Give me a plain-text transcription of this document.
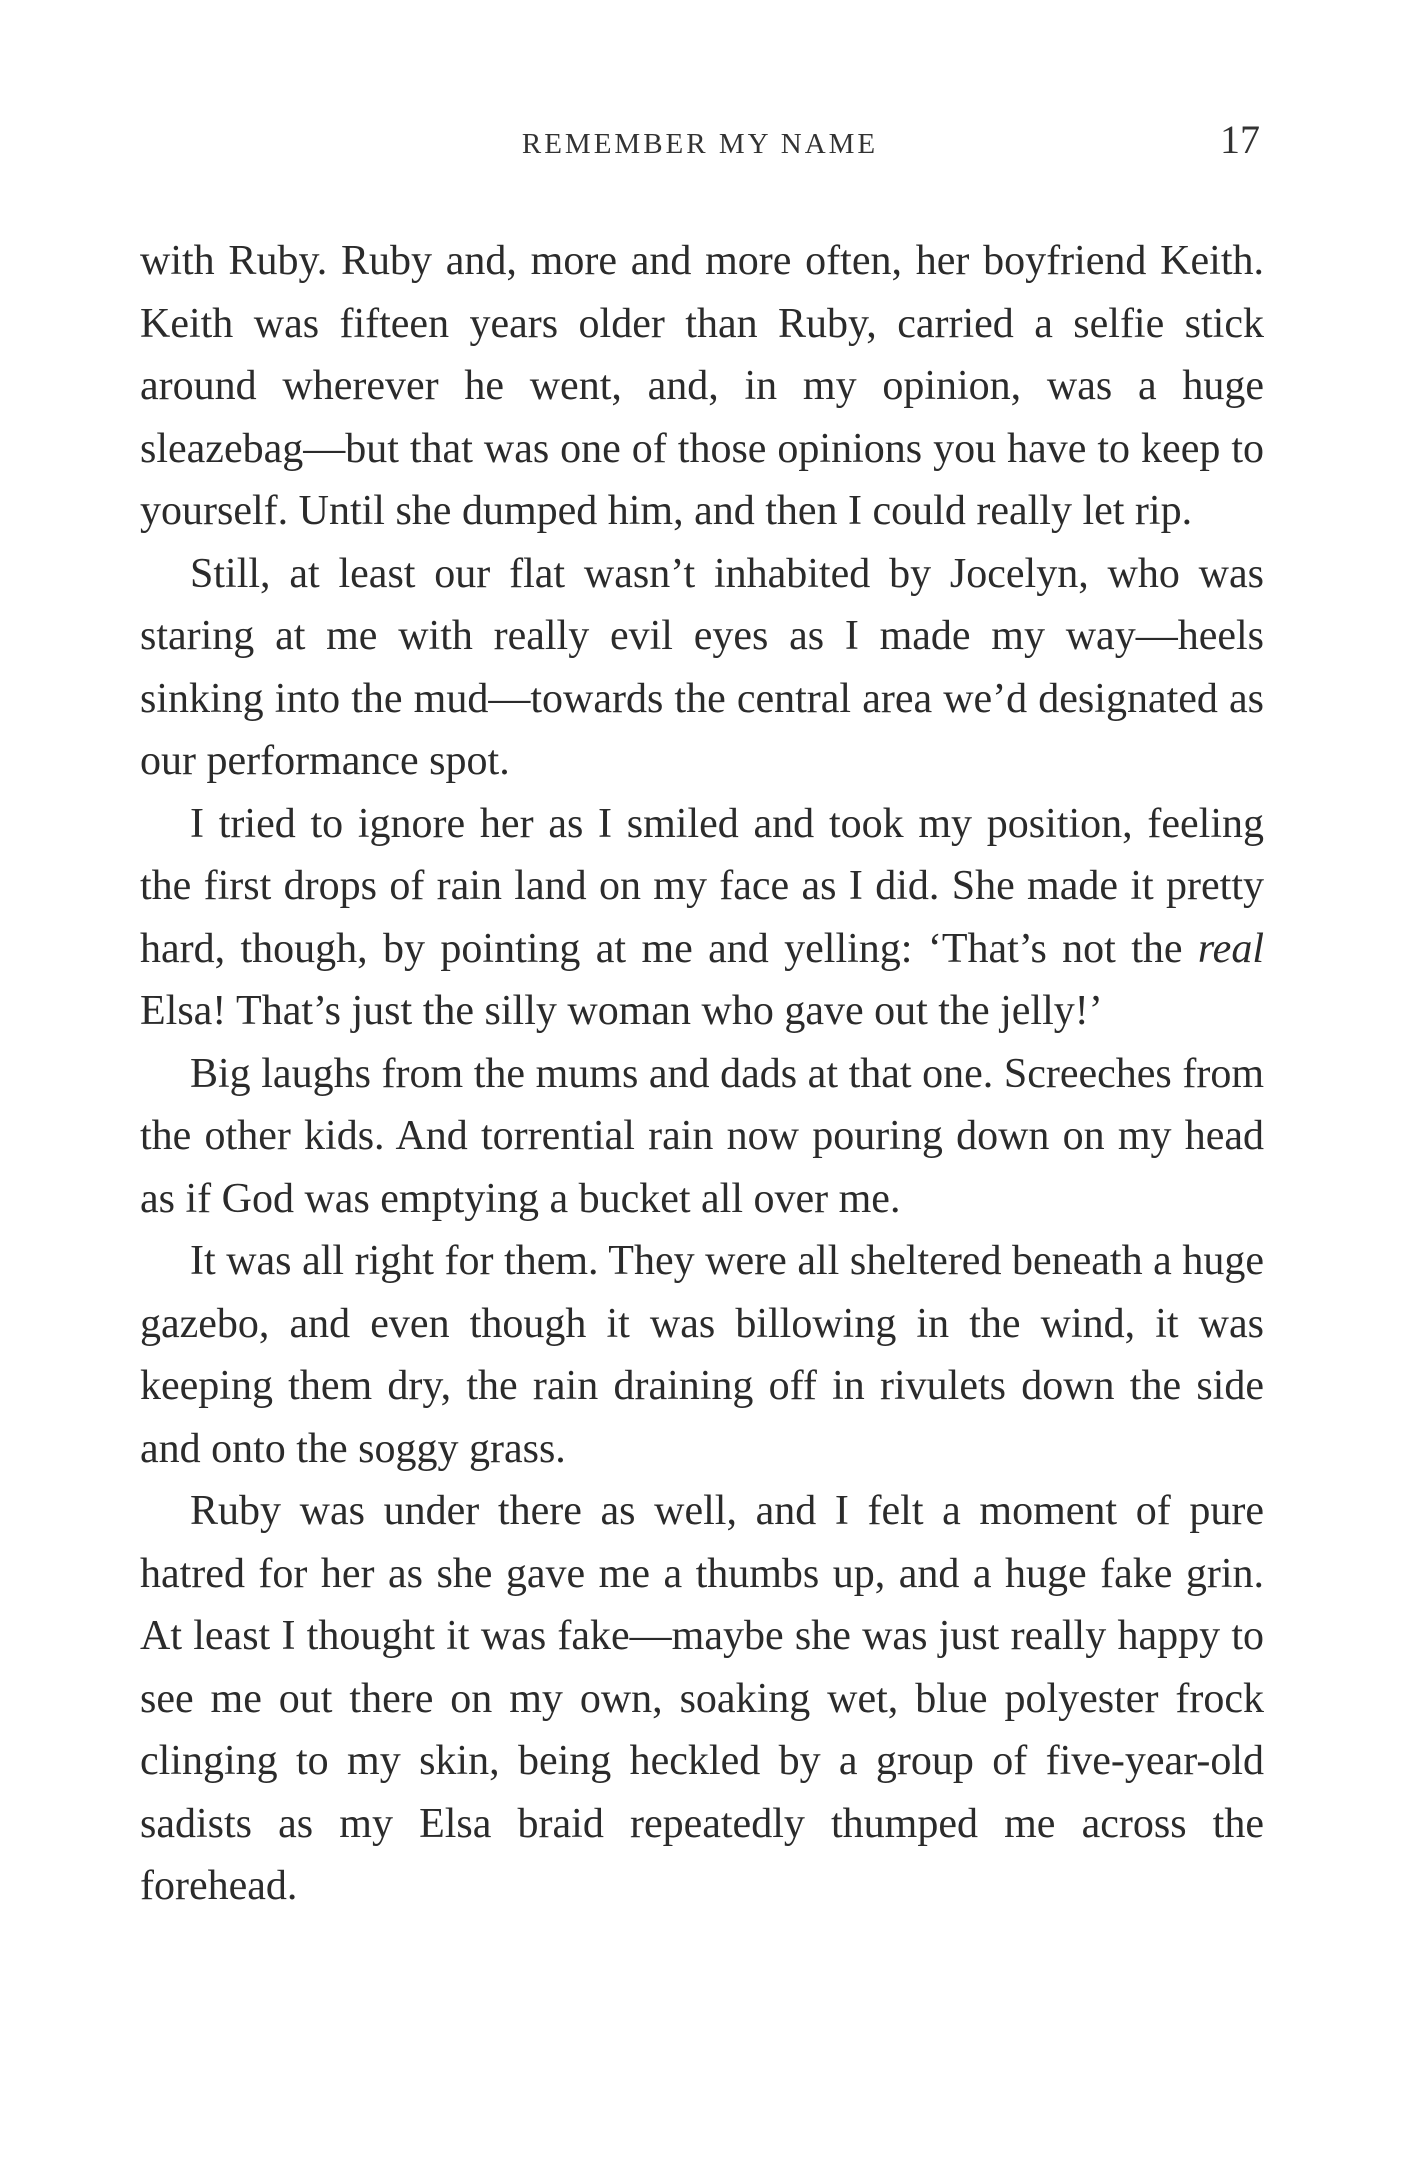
REMEMBER MY NAME	17

with Ruby. Ruby and, more and more often, her boyfriend Keith. Keith was fifteen years older than Ruby, carried a selfie stick around wherever he went, and, in my opinion, was a huge sleazebag—but that was one of those opinions you have to keep to yourself. Until she dumped him, and then I could really let rip.

Still, at least our flat wasn’t inhabited by Jocelyn, who was staring at me with really evil eyes as I made my way—heels sinking into the mud—towards the central area we’d designated as our performance spot.

I tried to ignore her as I smiled and took my position, feeling the first drops of rain land on my face as I did. She made it pretty hard, though, by pointing at me and yelling: ‘That’s not the real Elsa! That’s just the silly woman who gave out the jelly!’

Big laughs from the mums and dads at that one. Screeches from the other kids. And torrential rain now pouring down on my head as if God was emptying a bucket all over me.

It was all right for them. They were all sheltered beneath a huge gazebo, and even though it was billowing in the wind, it was keeping them dry, the rain draining off in rivulets down the side and onto the soggy grass.

Ruby was under there as well, and I felt a moment of pure hatred for her as she gave me a thumbs up, and a huge fake grin. At least I thought it was fake—maybe she was just really happy to see me out there on my own, soaking wet, blue polyester frock clinging to my skin, being heckled by a group of five-year-old sadists as my Elsa braid repeatedly thumped me across the forehead.
